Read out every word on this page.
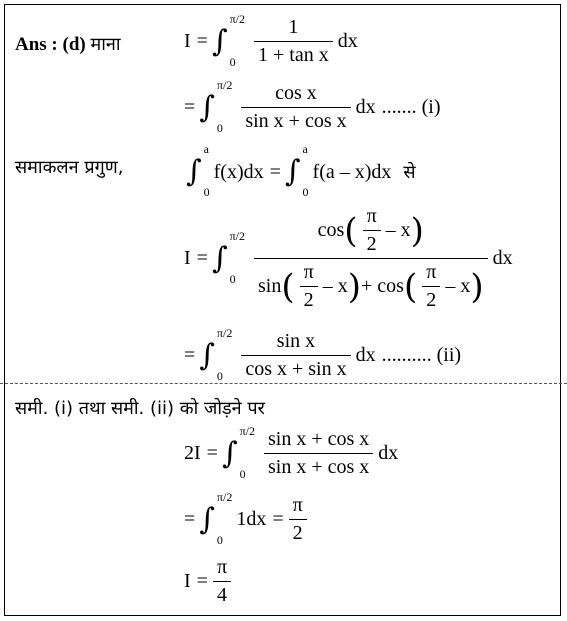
Ans : (d) माना	I = ∫
π/2
$0 \frac{1}{\text{1 + tan x}}$ dx
= ∫
π/2
$0 \frac{\text{cos x}}{\text{sin x + cos x}}$ dx ....... (i)
समाकलन प्रगुण, ∫
a
0
f(x)dx = ∫
a
0
f(a – x)dx से
I = ∫
π/2
$0 \frac{\cos ( \frac{\pi}{2} - x )}{\sin ( \frac{\pi}{2} - x ) + \cos ( \frac{\pi}{2} - x )}$ dx
= ∫
π/2
$0 \frac{\text{sin x}}{\text{cos x + sin x}}$ dx .......... (ii)
समी. (i) तथा समी. (ii) को जोड़ने पर
2I = ∫
π/2
$0 \frac{\text{sin x + cos x}}{\text{sin x + cos x}}$ dx
= ∫
π/2
0
$1dx = \frac{\pi}{2}$
$I = \frac{\pi}{4}$
